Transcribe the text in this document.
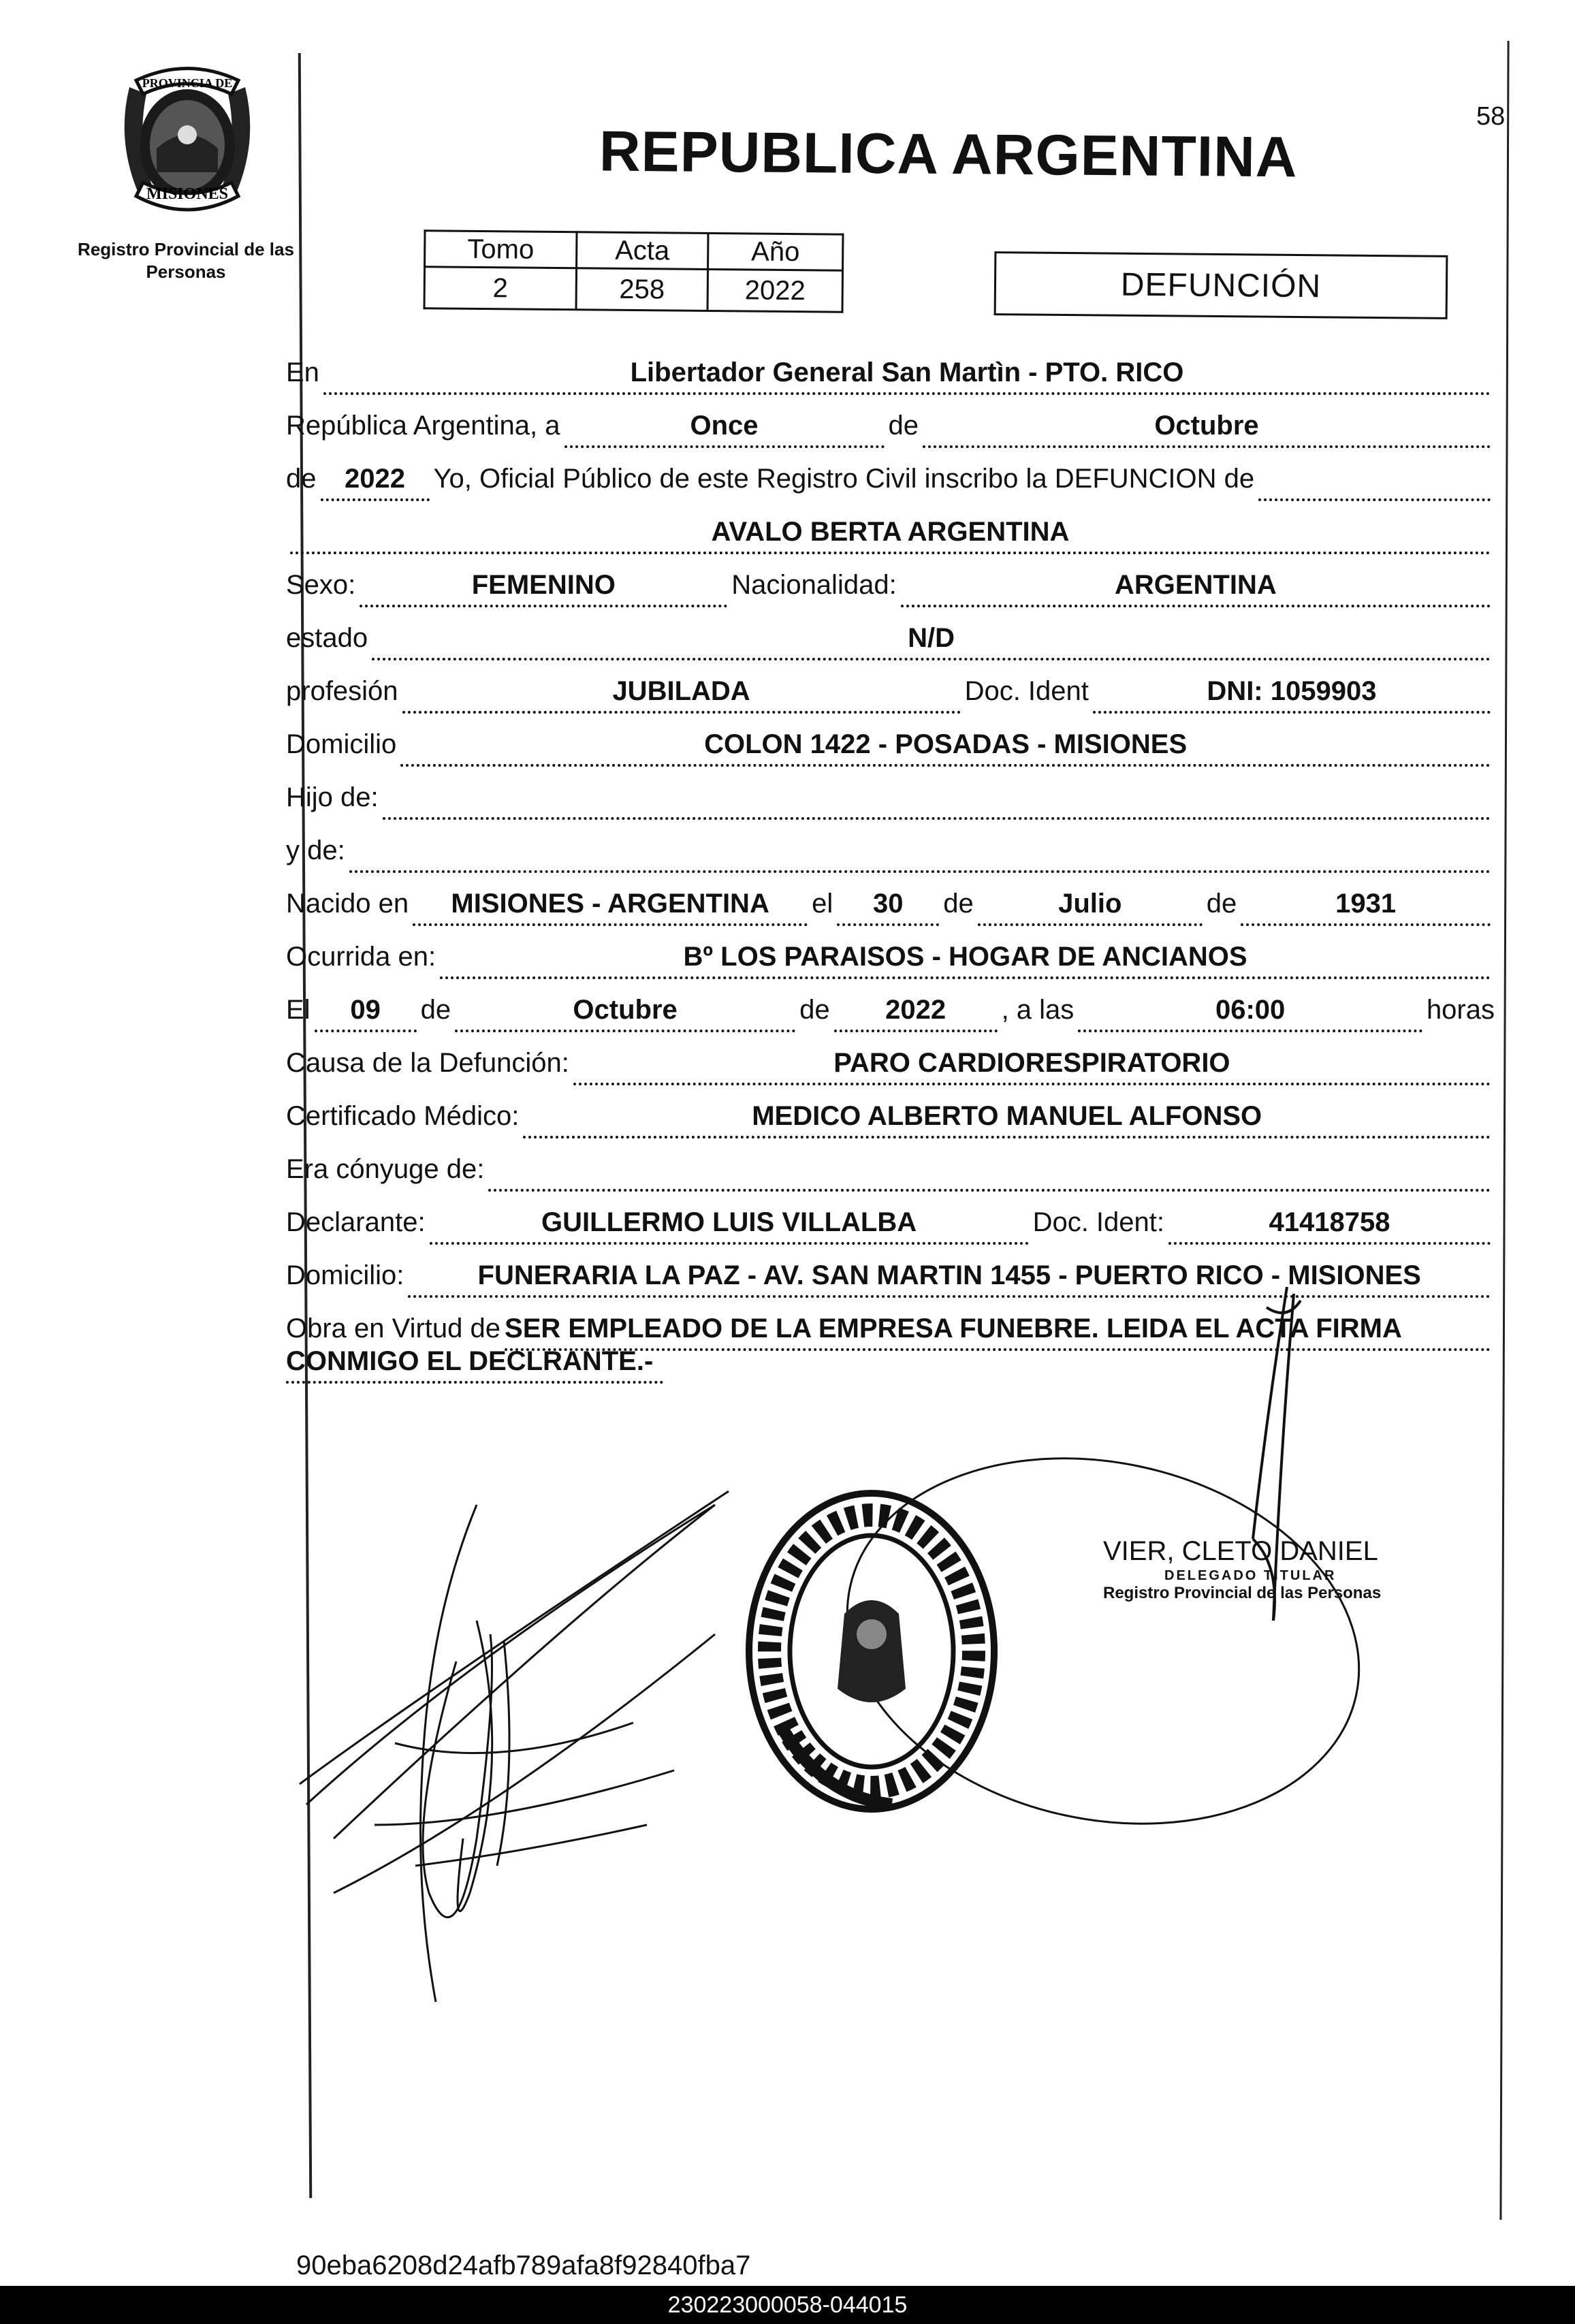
PROVINCIA DE
MISIONES
Registro Provincial de las Personas
58
REPUBLICA ARGENTINA
Tomo	Acta	Año
2	258	2022	DEFUNCIÓN
En	Libertador General San Martìn - PTO. RICO
República Argentina, a	Once	de	Octubre
de	2022	Yo, Oficial Público de este Registro Civil inscribo la DEFUNCION de
AVALO BERTA ARGENTINA
Sexo:	FEMENINO	Nacionalidad:	ARGENTINA
estado	N/D
profesión	JUBILADA	Doc. Ident	DNI: 1059903
Domicilio	COLON 1422 - POSADAS - MISIONES
Hijo de:
y de:
Nacido en	MISIONES - ARGENTINA	el	30	de	Julio	de	1931
Ocurrida en:	Bº LOS PARAISOS - HOGAR DE ANCIANOS
El	09	de	Octubre	de	2022	, a las	06:00	horas
Causa de la Defunción:	PARO CARDIORESPIRATORIO
Certificado Médico:	MEDICO ALBERTO MANUEL ALFONSO
Era cónyuge de:
Declarante:	GUILLERMO LUIS VILLALBA	Doc. Ident:	41418758
Domicilio:	FUNERARIA LA PAZ - AV. SAN MARTIN 1455 - PUERTO RICO - MISIONES
Obra en Virtud de SER EMPLEADO DE LA EMPRESA FUNEBRE. LEIDA EL ACTA FIRMA
CONMIGO EL DECLRANTE.-
VIER, CLETO DANIEL
DELEGADO TITULAR
Registro Provincial de las Personas
90eba6208d24afb789afa8f92840fba7
230223000058-044015
